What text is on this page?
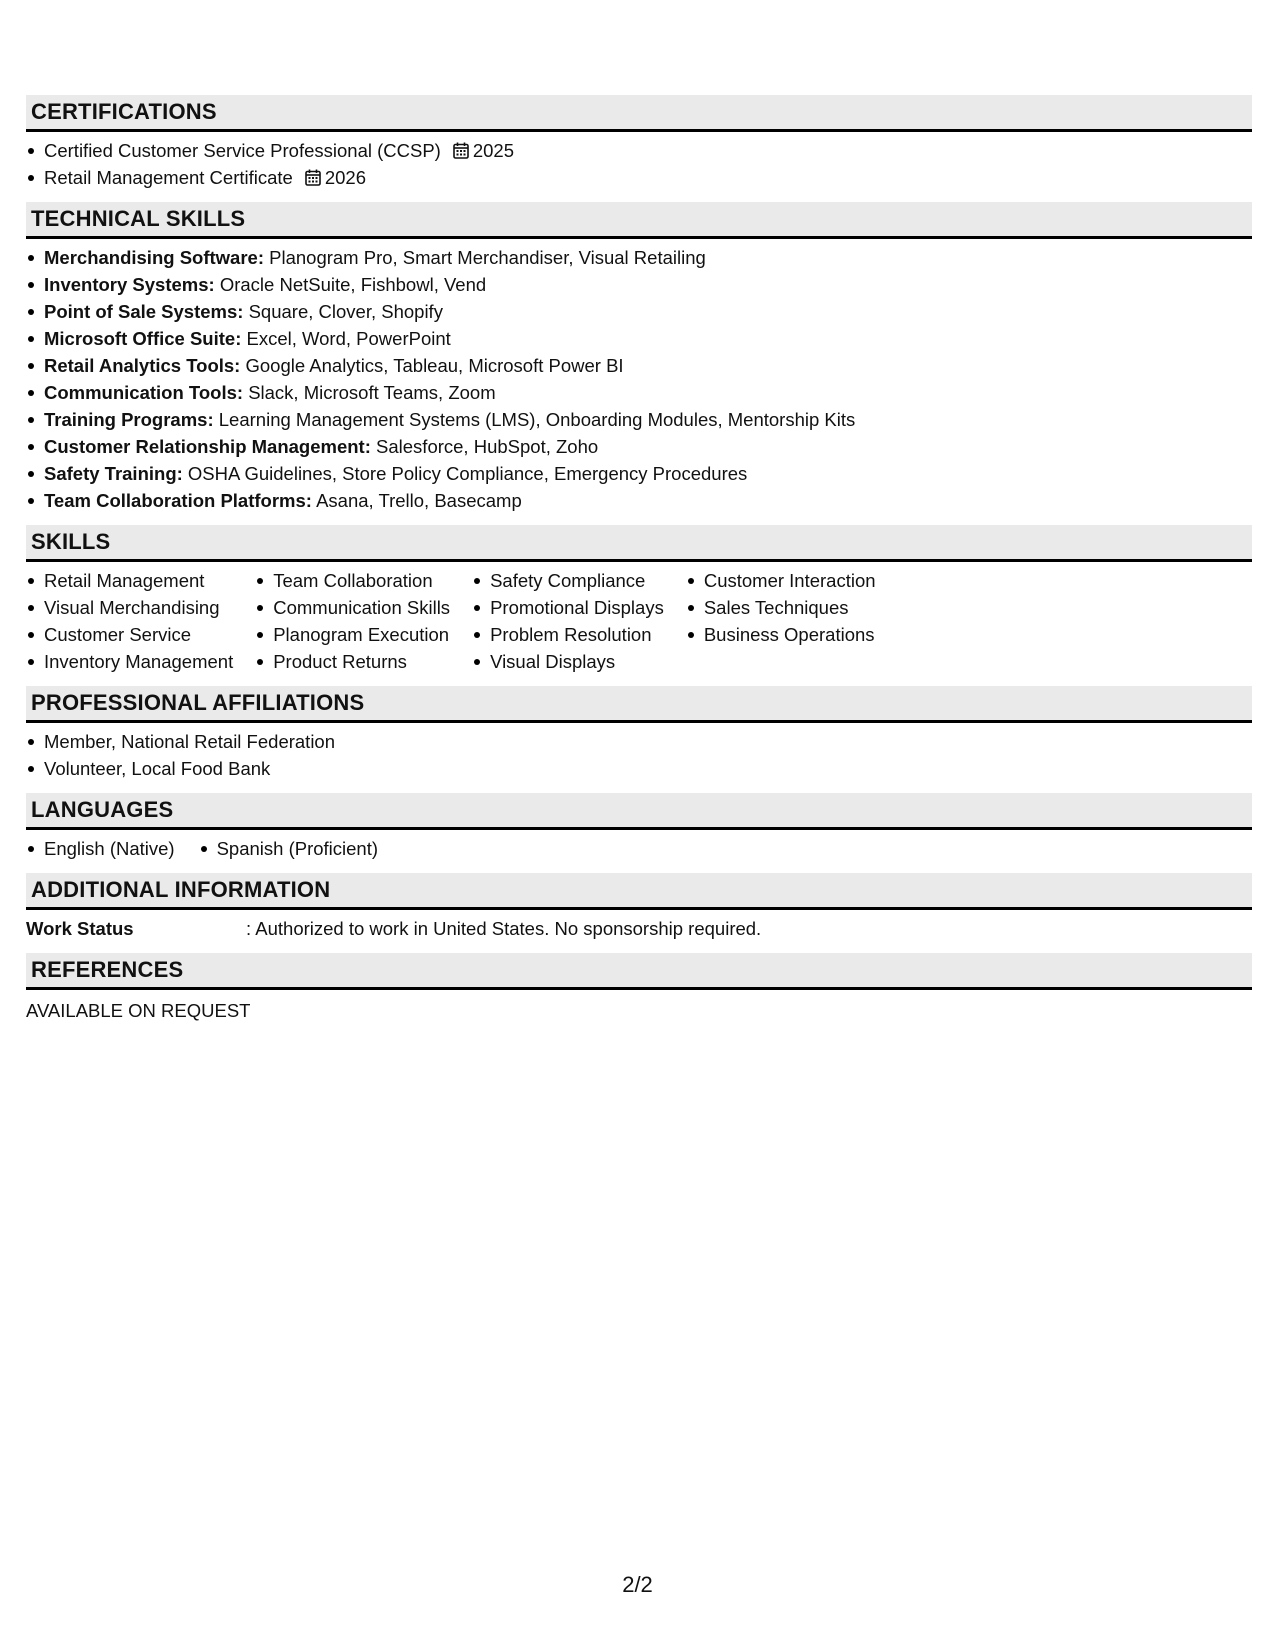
CERTIFICATIONS
Certified Customer Service Professional (CCSP) 2025
Retail Management Certificate 2026
TECHNICAL SKILLS
Merchandising Software: Planogram Pro, Smart Merchandiser, Visual Retailing
Inventory Systems: Oracle NetSuite, Fishbowl, Vend
Point of Sale Systems: Square, Clover, Shopify
Microsoft Office Suite: Excel, Word, PowerPoint
Retail Analytics Tools: Google Analytics, Tableau, Microsoft Power BI
Communication Tools: Slack, Microsoft Teams, Zoom
Training Programs: Learning Management Systems (LMS), Onboarding Modules, Mentorship Kits
Customer Relationship Management: Salesforce, HubSpot, Zoho
Safety Training: OSHA Guidelines, Store Policy Compliance, Emergency Procedures
Team Collaboration Platforms: Asana, Trello, Basecamp
SKILLS
Retail Management
Visual Merchandising
Customer Service
Inventory Management
Team Collaboration
Communication Skills
Planogram Execution
Product Returns
Safety Compliance
Promotional Displays
Problem Resolution
Visual Displays
Customer Interaction
Sales Techniques
Business Operations
PROFESSIONAL AFFILIATIONS
Member, National Retail Federation
Volunteer, Local Food Bank
LANGUAGES
English (Native)	Spanish (Proficient)
ADDITIONAL INFORMATION
Work Status	: Authorized to work in United States. No sponsorship required.
REFERENCES
AVAILABLE ON REQUEST
2/2
